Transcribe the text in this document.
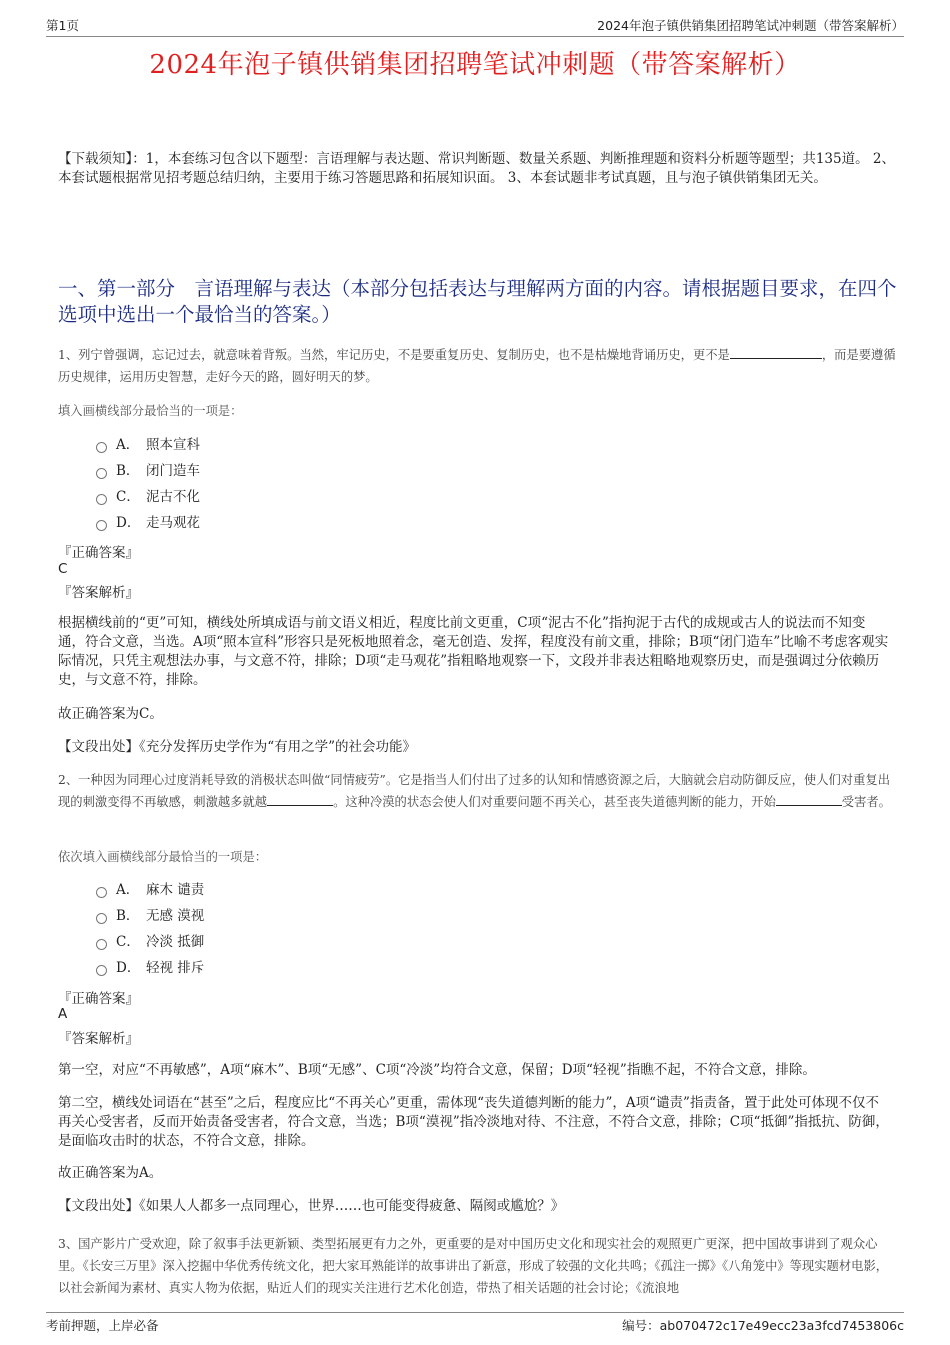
第1页	2024年泡子镇供销集团招聘笔试冲刺题（带答案解析）
2024年泡子镇供销集团招聘笔试冲刺题（带答案解析）
【下载须知】：1，本套练习包含以下题型：言语理解与表达题、常识判断题、数量关系题、判断推理题和资料分析题等题型；共135道。 2、本套试题根据常见招考题总结归纳，主要用于练习答题思路和拓展知识面。 3、本套试题非考试真题，且与泡子镇供销集团无关。
一、第一部分　言语理解与表达（本部分包括表达与理解两方面的内容。请根据题目要求，在四个选项中选出一个最恰当的答案。）
1、列宁曾强调，忘记过去，就意味着背叛。当然，牢记历史，不是要重复历史、复制历史，也不是枯燥地背诵历史，更不是	，而是要遵循历史规律，运用历史智慧，走好今天的路，圆好明天的梦。
填入画横线部分最恰当的一项是：
A． 照本宣科
B． 闭门造车
C． 泥古不化
D． 走马观花
『正确答案』
C
『答案解析』
根据横线前的“更”可知，横线处所填成语与前文语义相近，程度比前文更重，C项“泥古不化”指拘泥于古代的成规或古人的说法而不知变通，符合文意，当选。A项“照本宣科”形容只是死板地照着念，毫无创造、发挥，程度没有前文重，排除；B项“闭门造车”比喻不考虑客观实际情况，只凭主观想法办事，与文意不符，排除；D项“走马观花”指粗略地观察一下，文段并非表达粗略地观察历史，而是强调过分依赖历史，与文意不符，排除。
故正确答案为C。
【文段出处】《充分发挥历史学作为“有用之学”的社会功能》
2、一种因为同理心过度消耗导致的消极状态叫做“同情疲劳”。它是指当人们付出了过多的认知和情感资源之后，大脑就会启动防御反应，使人们对重复出现的刺激变得不再敏感，刺激越多就越	。这种冷漠的状态会使人们对重要问题不再关心，甚至丧失道德判断的能力，开始	受害者。
依次填入画横线部分最恰当的一项是：
A． 麻木 谴责
B． 无感 漠视
C． 冷淡 抵御
D． 轻视 排斥
『正确答案』
A
『答案解析』
第一空，对应“不再敏感”，A项“麻木”、B项“无感”、C项“冷淡”均符合文意，保留；D项“轻视”指瞧不起，不符合文意，排除。
第二空，横线处词语在“甚至”之后，程度应比“不再关心”更重，需体现“丧失道德判断的能力”，A项“谴责”指责备，置于此处可体现不仅不再关心受害者，反而开始责备受害者，符合文意，当选；B项“漠视”指冷淡地对待、不注意，不符合文意，排除；C项“抵御”指抵抗、防御，是面临攻击时的状态，不符合文意，排除。
故正确答案为A。
【文段出处】《如果人人都多一点同理心，世界……也可能变得疲惫、隔阂或尴尬？》
3、国产影片广受欢迎，除了叙事手法更新颖、类型拓展更有力之外，更重要的是对中国历史文化和现实社会的观照更广更深，把中国故事讲到了观众心里。《长安三万里》深入挖掘中华优秀传统文化，把大家耳熟能详的故事讲出了新意，形成了较强的文化共鸣；《孤注一掷》《八角笼中》等现实题材电影，以社会新闻为素材、真实人物为依据，贴近人们的现实关注进行艺术化创造，带热了相关话题的社会讨论；《流浪地
考前押题，上岸必备	编号：ab070472c17e49ecc23a3fcd7453806c
